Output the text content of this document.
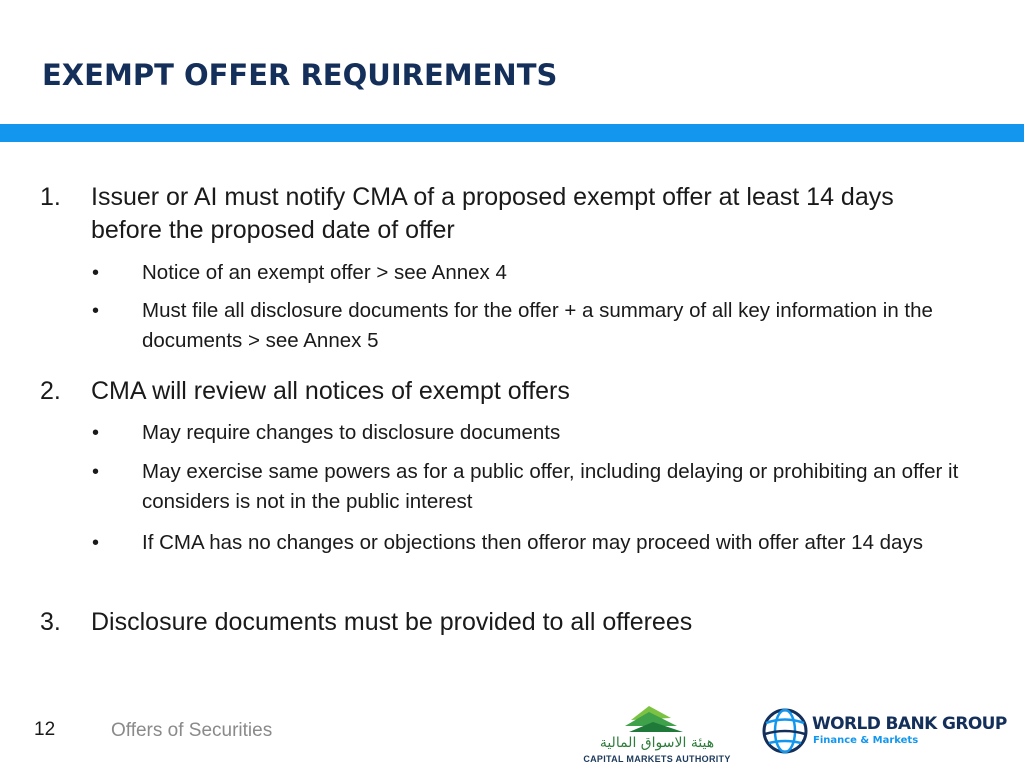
EXEMPT OFFER REQUIREMENTS
1. Issuer or AI must notify CMA of a proposed exempt offer at least 14 days before the proposed date of offer
• Notice of an exempt offer > see Annex 4
• Must file all disclosure documents for the offer + a summary of all key information in the documents > see Annex 5
2. CMA will review all notices of exempt offers
• May require changes to disclosure documents
• May exercise same powers as for a public offer, including delaying or prohibiting an offer it considers is not in the public interest
• If CMA has no changes or objections then offeror may proceed with offer after 14 days
3. Disclosure documents must be provided to all offerees
12	Offers of Securities
هيئة الاسواق المالية
CAPITAL MARKETS AUTHORITY
WORLD BANK GROUP
Finance & Markets
